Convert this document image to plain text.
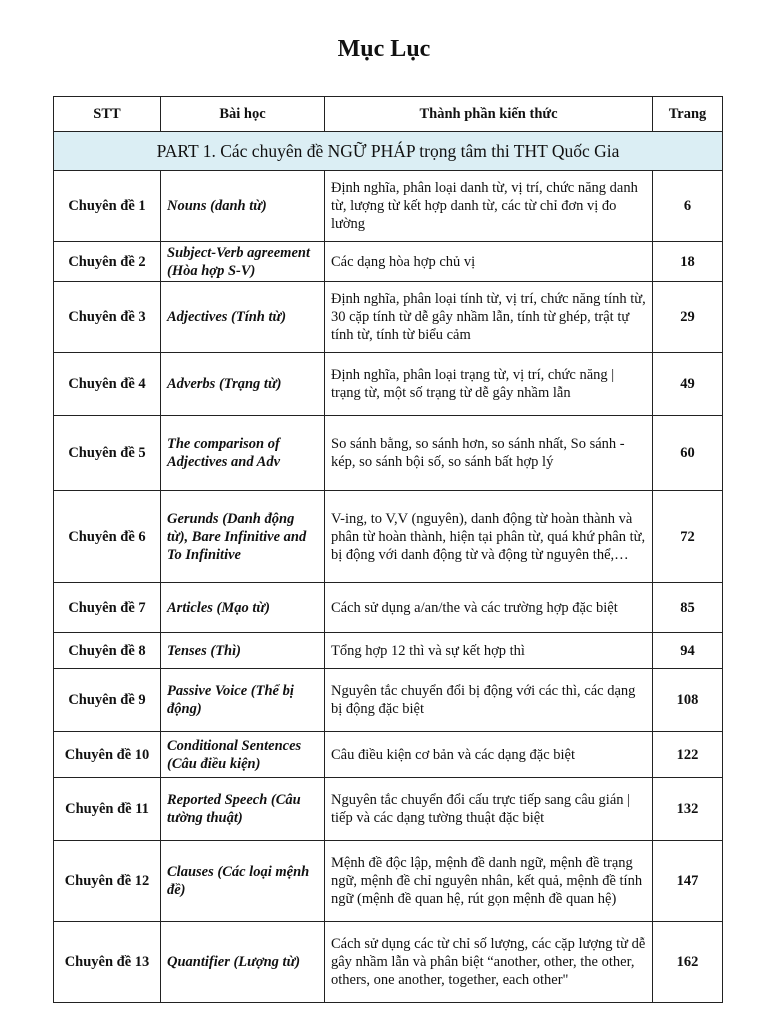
Mục Lục
STT	Bài học	Thành phần kiến thức	Trang
PART 1. Các chuyên đề NGỮ PHÁP trọng tâm thi THT Quốc Gia			
Chuyên đề 1	Nouns (danh từ)	Định nghĩa, phân loại danh từ, vị trí, chức năng danh từ, lượng từ kết hợp danh từ, các từ chỉ đơn vị đo lường	6
Chuyên đề 2	Subject-Verb agreement (Hòa hợp S-V)	Các dạng hòa hợp chủ vị	18
Chuyên đề 3	Adjectives (Tính từ)	Định nghĩa, phân loại tính từ, vị trí, chức năng tính từ, 30 cặp tính từ dễ gây nhầm lẫn, tính từ ghép, trật tự tính từ, tính từ biểu cảm	29
Chuyên đề 4	Adverbs (Trạng từ)	Định nghĩa, phân loại trạng từ, vị trí, chức năng | trạng từ, một số trạng từ dễ gây nhầm lẫn	49
Chuyên đề 5	The comparison of Adjectives and Adv	So sánh bằng, so sánh hơn, so sánh nhất, So sánh - kép, so sánh bội số, so sánh bất hợp lý	60
Chuyên đề 6	Gerunds (Danh động từ), Bare Infinitive and To Infinitive	V-ing, to V,V (nguyên), danh động từ hoàn thành và phân từ hoàn thành, hiện tại phân từ, quá khứ phân từ, bị động với danh động từ và động từ nguyên thể,…	72
Chuyên đề 7	Articles (Mạo từ)	Cách sử dụng a/an/the và các trường hợp đặc biệt	85
Chuyên đề 8	Tenses (Thì)	Tổng hợp 12 thì và sự kết hợp thì	94
Chuyên đề 9	Passive Voice (Thể bị động)	Nguyên tắc chuyển đổi bị động với các thì, các dạng bị động đặc biệt	108
Chuyên đề 10	Conditional Sentences (Câu điều kiện)	Câu điều kiện cơ bản và các dạng đặc biệt	122
Chuyên đề 11	Reported Speech (Câu tường thuật)	Nguyên tắc chuyển đổi cấu trực tiếp sang câu gián | tiếp và các dạng tường thuật đặc biệt	132
Chuyên đề 12	Clauses (Các loại mệnh đề)	Mệnh đề độc lập, mệnh đề danh ngữ, mệnh đề trạng ngữ, mệnh đề chỉ nguyên nhân, kết quả, mệnh đề tính ngữ (mệnh đề quan hệ, rút gọn mệnh đề quan hệ)	147
Chuyên đề 13	Quantifier (Lượng từ)	Cách sử dụng các từ chỉ số lượng, các cặp lượng từ dễ gây nhầm lẫn và phân biệt “another, other, the other, others, one another, together, each other"	162
